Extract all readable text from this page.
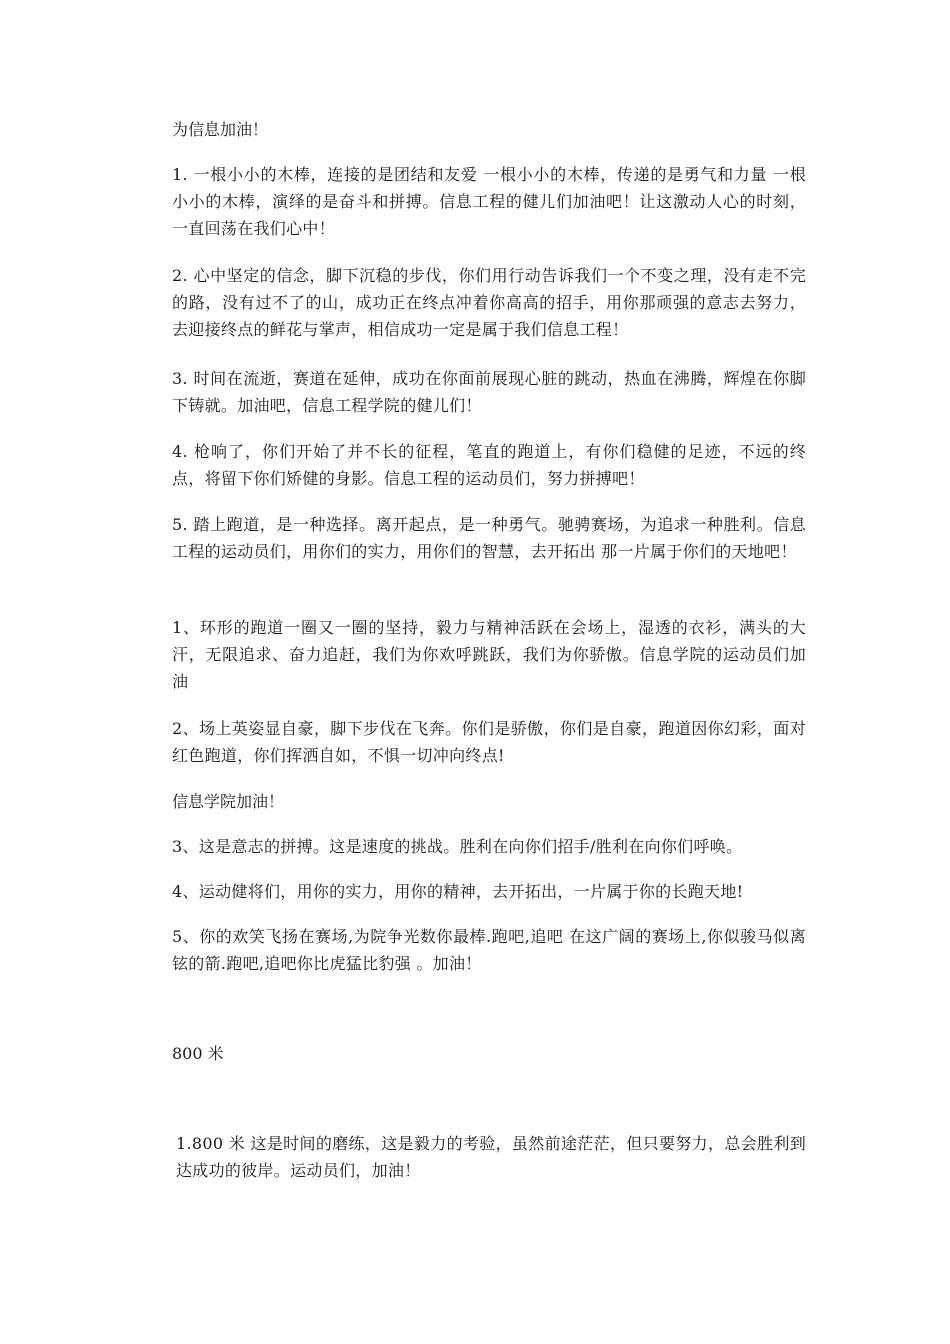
为信息加油！

1. 一根小小的木棒，连接的是团结和友爱 一根小小的木棒，传递的是勇气和力量 一根小小的木棒，演绎的是奋斗和拼搏。信息工程的健儿们加油吧！让这激动人心的时刻，一直回荡在我们心中！

2. 心中坚定的信念，脚下沉稳的步伐，你们用行动告诉我们一个不变之理，没有走不完的路，没有过不了的山，成功正在终点冲着你高高的招手，用你那顽强的意志去努力，去迎接终点的鲜花与掌声，相信成功一定是属于我们信息工程！

3. 时间在流逝，赛道在延伸，成功在你面前展现心脏的跳动，热血在沸腾，辉煌在你脚下铸就。加油吧，信息工程学院的健儿们！

4. 枪响了，你们开始了并不长的征程，笔直的跑道上，有你们稳健的足迹，不远的终点，将留下你们矫健的身影。信息工程的运动员们，努力拼搏吧！

5. 踏上跑道，是一种选择。离开起点，是一种勇气。驰骋赛场，为追求一种胜利。信息工程的运动员们，用你们的实力，用你们的智慧，去开拓出 那一片属于你们的天地吧！

1、环形的跑道一圈又一圈的坚持，毅力与精神活跃在会场上，湿透的衣衫，满头的大汗，无限追求、奋力追赶，我们为你欢呼跳跃，我们为你骄傲。信息学院的运动员们加油

2、场上英姿显自豪，脚下步伐在飞奔。你们是骄傲，你们是自豪，跑道因你幻彩，面对红色跑道，你们挥洒自如，不惧一切冲向终点!

信息学院加油！

3、这是意志的拼搏。这是速度的挑战。胜利在向你们招手/胜利在向你们呼唤。

4、运动健将们，用你的实力，用你的精神，去开拓出，一片属于你的长跑天地!

5、你的欢笑飞扬在赛场,为院争光数你最棒.跑吧,追吧 在这广阔的赛场上,你似骏马似离铉的箭.跑吧,追吧你比虎猛比豹强 。加油！

800 米

1.800 米 这是时间的磨练，这是毅力的考验，虽然前途茫茫，但只要努力，总会胜利到达成功的彼岸。运动员们，加油！
